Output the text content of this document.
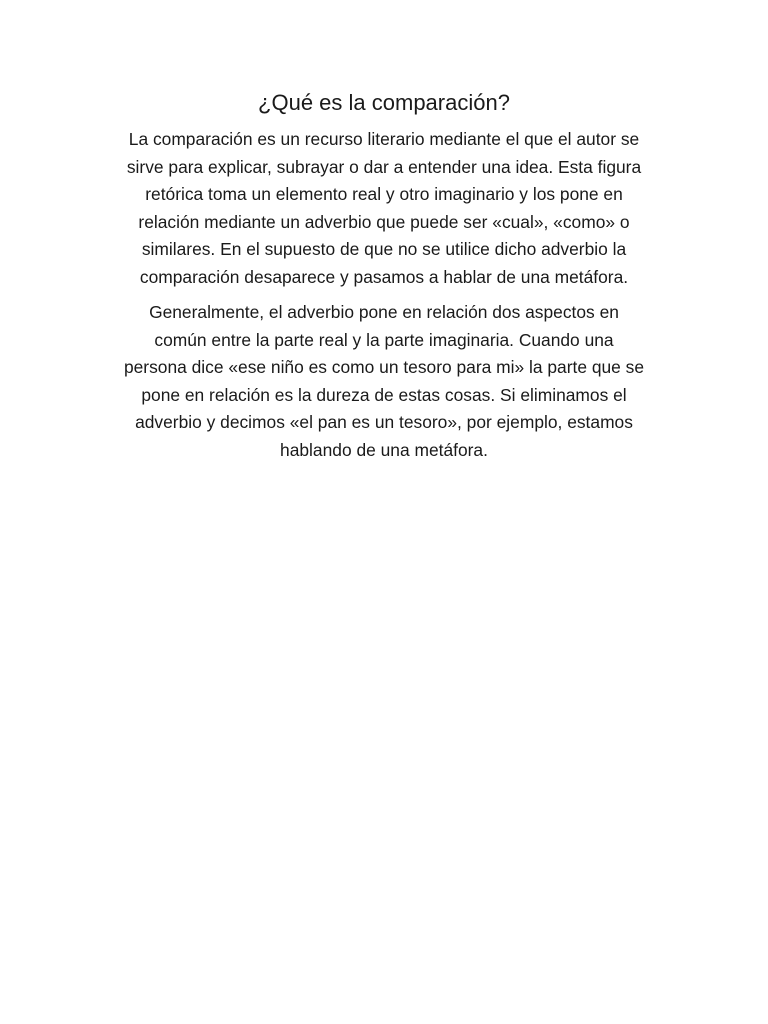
¿Qué es la comparación?

La comparación es un recurso literario mediante el que el autor se
sirve para explicar, subrayar o dar a entender una idea. Esta figura
retórica toma un elemento real y otro imaginario y los pone en
relación mediante un adverbio que puede ser «cual», «como» o
similares. En el supuesto de que no se utilice dicho adverbio la
comparación desaparece y pasamos a hablar de una metáfora.

Generalmente, el adverbio pone en relación dos aspectos en
común entre la parte real y la parte imaginaria. Cuando una
persona dice «ese niño es como un tesoro para mi» la parte que se
pone en relación es la dureza de estas cosas. Si eliminamos el
adverbio y decimos «el pan es un tesoro», por ejemplo, estamos
hablando de una metáfora.
